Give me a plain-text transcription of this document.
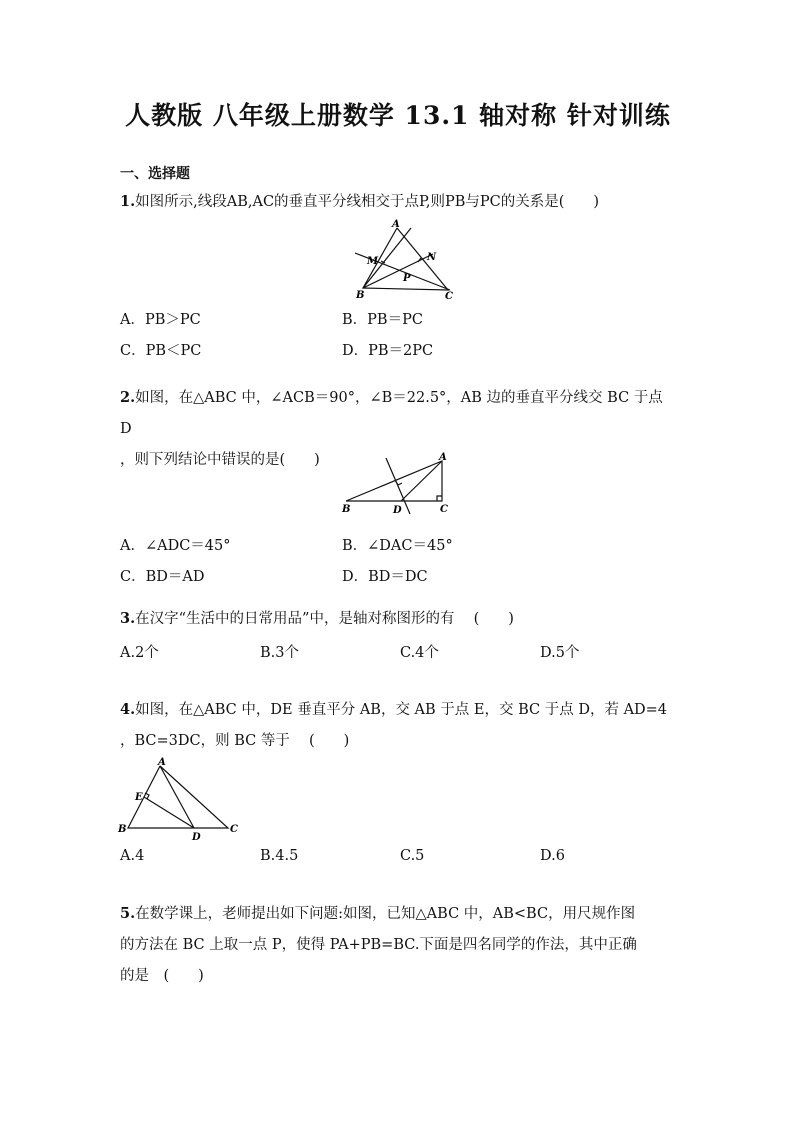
人教版 八年级上册数学 13.1 轴对称 针对训练
一、选择题
1.如图所示,线段AB,AC的垂直平分线相交于点P,则PB与PC的关系是(　　)
A
M	N
P
B	C
A．PB＞PC	B．PB＝PC
C．PB＜PC	D．PB＝2PC
2.如图，在△ABC 中，∠ACB＝90°，∠B＝22.5°，AB 边的垂直平分线交 BC 于点 D
，则下列结论中错误的是(　　)	A
B	D	C
A．∠ADC＝45°	B．∠DAC＝45°
C．BD＝AD	D．BD＝DC
3.在汉字“生活中的日常用品”中，是轴对称图形的有　 (　　)
A.2个	B.3个	C.4个	D.5个
4.如图，在△ABC 中，DE 垂直平分 AB，交 AB 于点 E，交 BC 于点 D，若 AD=4
，BC=3DC，则 BC 等于　 (　　)
A
E
B
D
C
A.4	B.4.5	C.5	D.6
5.在数学课上，老师提出如下问题:如图，已知△ABC 中，AB<BC，用尺规作图
的方法在 BC 上取一点 P，使得 PA+PB=BC.下面是四名同学的作法，其中正确
的是　(　　)
